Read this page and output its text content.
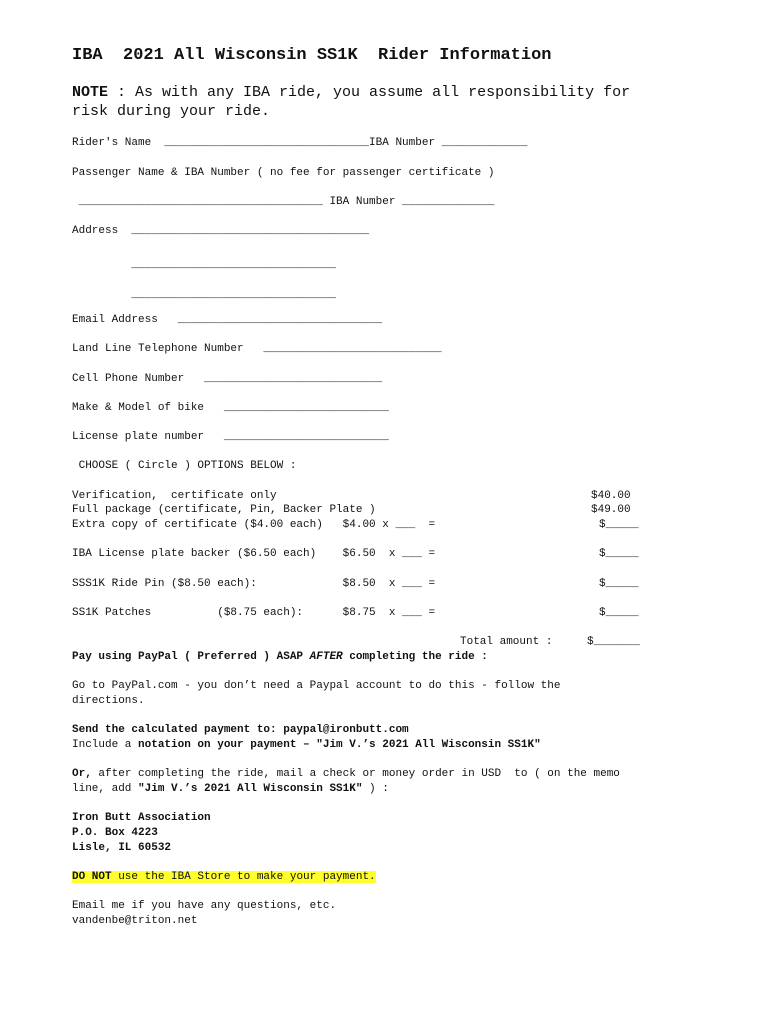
IBA  2021 All Wisconsin SS1K  Rider Information
NOTE : As with any IBA ride, you assume all responsibility for
risk during your ride.
Rider's Name  _______________________________IBA Number _____________
Passenger Name & IBA Number ( no fee for passenger certificate )
_____________________________________ IBA Number ______________
Address  ____________________________________
_______________________________
_______________________________
Email Address   _______________________________
Land Line Telephone Number   ___________________________
Cell Phone Number   ___________________________
Make & Model of bike   _________________________
License plate number   _________________________
CHOOSE ( Circle ) OPTIONS BELOW :
Verification,  certificate only	$40.00
Full package (certificate, Pin, Backer Plate )	$49.00
Extra copy of certificate ($4.00 each)   $4.00 x ___  =	$_____
IBA License plate backer ($6.50 each)    $6.50  x ___ =	$_____
SSS1K Ride Pin ($8.50 each):             $8.50  x ___ =	$_____
SS1K Patches          ($8.75 each):      $8.75  x ___ =	$_____
Total amount :	$_______
Pay using PayPal ( Preferred ) ASAP AFTER completing the ride :
Go to PayPal.com - you don’t need a Paypal account to do this - follow the
directions.
Send the calculated payment to: paypal@ironbutt.com
Include a notation on your payment – "Jim V.’s 2021 All Wisconsin SS1K"
Or, after completing the ride, mail a check or money order in USD  to ( on the memo
line, add "Jim V.’s 2021 All Wisconsin SS1K" ) :
Iron Butt Association
P.O. Box 4223
Lisle, IL 60532
DO NOT use the IBA Store to make your payment.
Email me if you have any questions, etc.
vandenbe@triton.net
